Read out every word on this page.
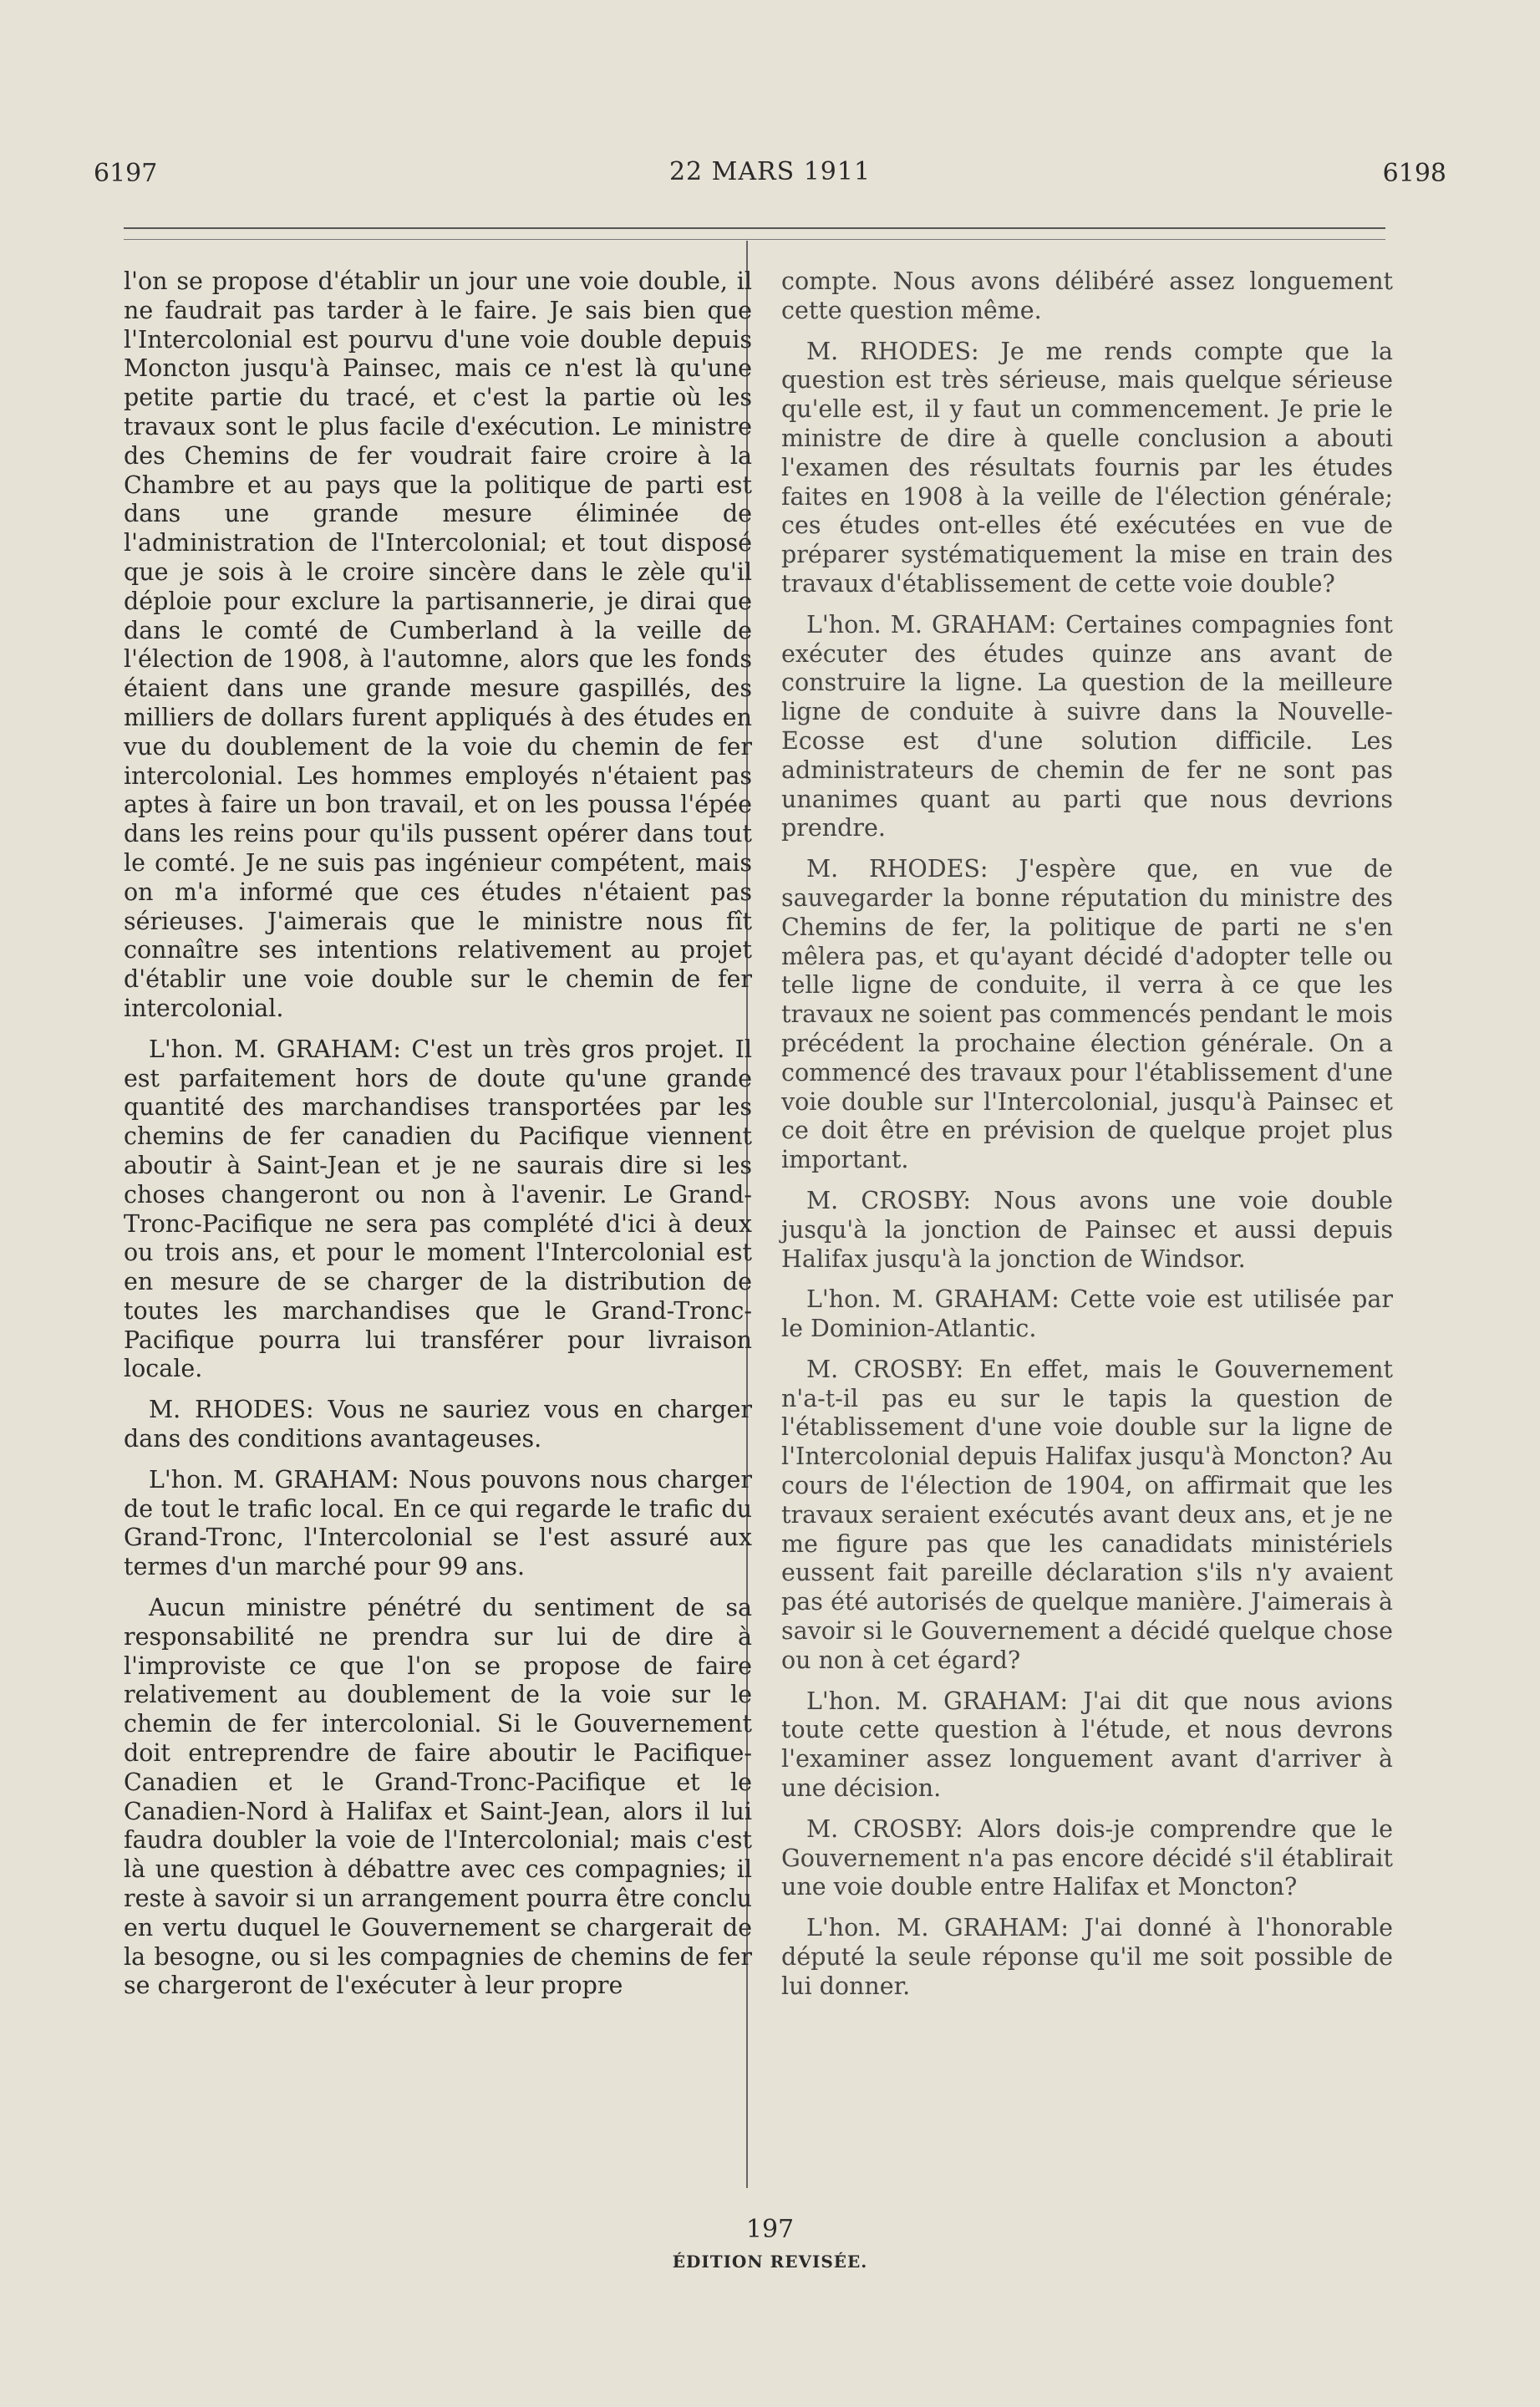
6197	22 MARS 1911	6198

l'on se propose d'établir un jour une voie double, il ne faudrait pas tarder à le faire. Je sais bien que l'Intercolonial est pourvu d'une voie double depuis Moncton jusqu'à Painsec, mais ce n'est là qu'une petite partie du tracé, et c'est la partie où les travaux sont le plus facile d'exécution. Le ministre des Chemins de fer voudrait faire croire à la Chambre et au pays que la politique de parti est dans une grande mesure éliminée de l'administration de l'Intercolonial; et tout disposé que je sois à le croire sincère dans le zèle qu'il déploie pour exclure la partisannerie, je dirai que dans le comté de Cumberland à la veille de l'élection de 1908, à l'automne, alors que les fonds étaient dans une grande mesure gaspillés, des milliers de dollars furent appliqués à des études en vue du doublement de la voie du chemin de fer intercolonial. Les hommes employés n'étaient pas aptes à faire un bon travail, et on les poussa l'épée dans les reins pour qu'ils pussent opérer dans tout le comté. Je ne suis pas ingénieur compétent, mais on m'a informé que ces études n'étaient pas sérieuses. J'aimerais que le ministre nous fît connaître ses intentions relativement au projet d'établir une voie double sur le chemin de fer intercolonial.

L'hon. M. GRAHAM: C'est un très gros projet. Il est parfaitement hors de doute qu'une grande quantité des marchandises transportées par les chemins de fer canadien du Pacifique viennent aboutir à Saint-Jean et je ne saurais dire si les choses changeront ou non à l'avenir. Le Grand-Tronc-Pacifique ne sera pas complété d'ici à deux ou trois ans, et pour le moment l'Intercolonial est en mesure de se charger de la distribution de toutes les marchandises que le Grand-Tronc-Pacifique pourra lui transférer pour livraison locale.

M. RHODES: Vous ne sauriez vous en charger dans des conditions avantageuses.

L'hon. M. GRAHAM: Nous pouvons nous charger de tout le trafic local. En ce qui regarde le trafic du Grand-Tronc, l'Intercolonial se l'est assuré aux termes d'un marché pour 99 ans.

Aucun ministre pénétré du sentiment de sa responsabilité ne prendra sur lui de dire à l'improviste ce que l'on se propose de faire relativement au doublement de la voie sur le chemin de fer intercolonial. Si le Gouvernement doit entreprendre de faire aboutir le Pacifique-Canadien et le Grand-Tronc-Pacifique et le Canadien-Nord à Halifax et Saint-Jean, alors il lui faudra doubler la voie de l'Intercolonial; mais c'est là une question à débattre avec ces compagnies; il reste à savoir si un arrangement pourra être conclu en vertu duquel le Gouvernement se chargerait de la besogne, ou si les compagnies de chemins de fer se chargeront de l'exécuter à leur propre

compte. Nous avons délibéré assez longuement cette question même.

M. RHODES: Je me rends compte que la question est très sérieuse, mais quelque sérieuse qu'elle est, il y faut un commencement. Je prie le ministre de dire à quelle conclusion a abouti l'examen des résultats fournis par les études faites en 1908 à la veille de l'élection générale; ces études ont-elles été exécutées en vue de préparer systématiquement la mise en train des travaux d'établissement de cette voie double?

L'hon. M. GRAHAM: Certaines compagnies font exécuter des études quinze ans avant de construire la ligne. La question de la meilleure ligne de conduite à suivre dans la Nouvelle-Ecosse est d'une solution difficile. Les administrateurs de chemin de fer ne sont pas unanimes quant au parti que nous devrions prendre.

M. RHODES: J'espère que, en vue de sauvegarder la bonne réputation du ministre des Chemins de fer, la politique de parti ne s'en mêlera pas, et qu'ayant décidé d'adopter telle ou telle ligne de conduite, il verra à ce que les travaux ne soient pas commencés pendant le mois précédent la prochaine élection générale. On a commencé des travaux pour l'établissement d'une voie double sur l'Intercolonial, jusqu'à Painsec et ce doit être en prévision de quelque projet plus important.

M. CROSBY: Nous avons une voie double jusqu'à la jonction de Painsec et aussi depuis Halifax jusqu'à la jonction de Windsor.

L'hon. M. GRAHAM: Cette voie est utilisée par le Dominion-Atlantic.

M. CROSBY: En effet, mais le Gouvernement n'a-t-il pas eu sur le tapis la question de l'établissement d'une voie double sur la ligne de l'Intercolonial depuis Halifax jusqu'à Moncton? Au cours de l'élection de 1904, on affirmait que les travaux seraient exécutés avant deux ans, et je ne me figure pas que les canadidats ministériels eussent fait pareille déclaration s'ils n'y avaient pas été autorisés de quelque manière. J'aimerais à savoir si le Gouvernement a décidé quelque chose ou non à cet égard?

L'hon. M. GRAHAM: J'ai dit que nous avions toute cette question à l'étude, et nous devrons l'examiner assez longuement avant d'arriver à une décision.

M. CROSBY: Alors dois-je comprendre que le Gouvernement n'a pas encore décidé s'il établirait une voie double entre Halifax et Moncton?

L'hon. M. GRAHAM: J'ai donné à l'honorable député la seule réponse qu'il me soit possible de lui donner.

197
ÉDITION REVISÉE.
